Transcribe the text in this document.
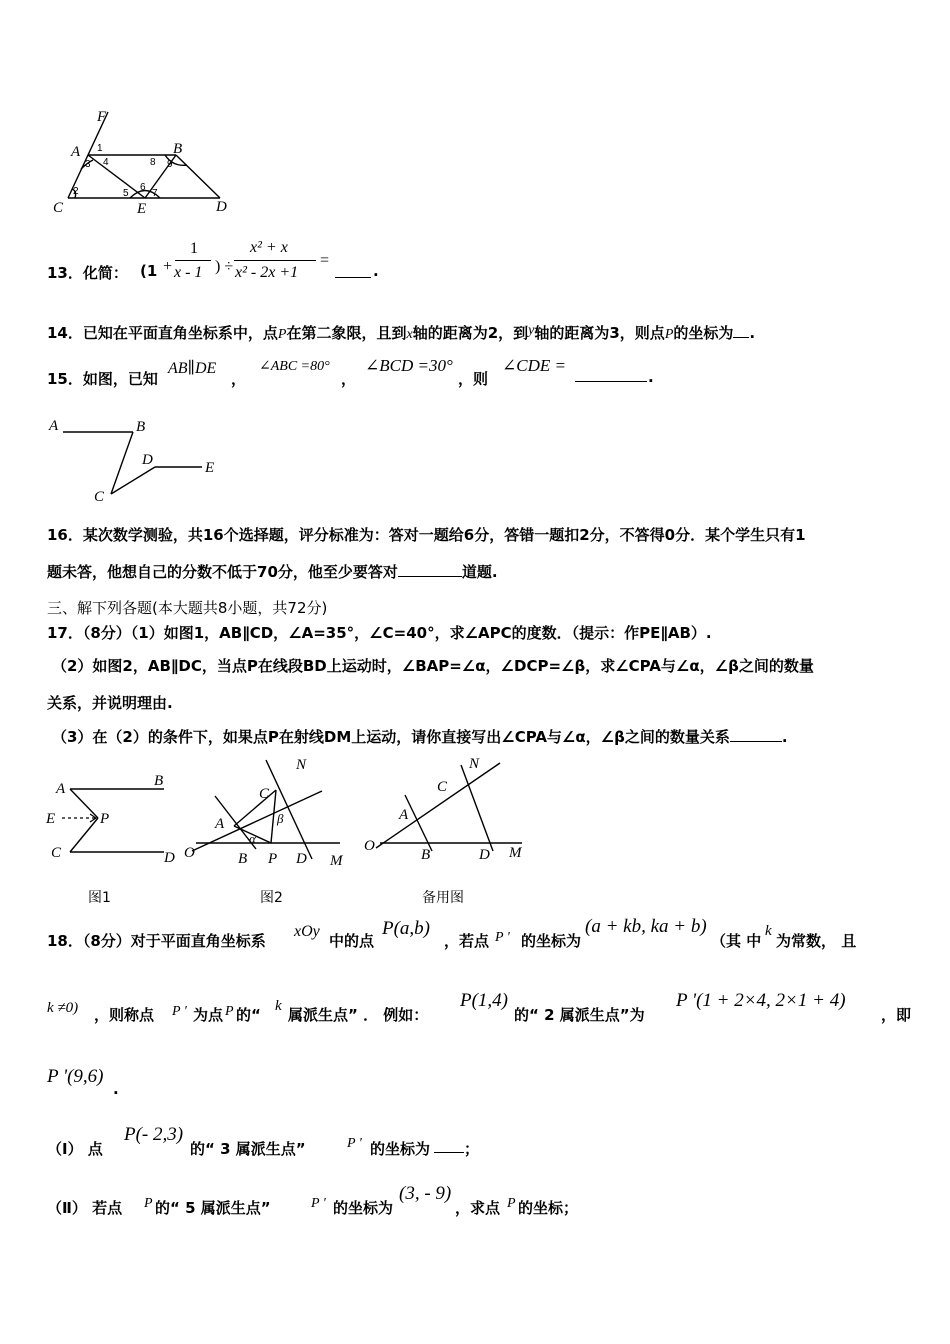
F
A	B
C	E	D
1
2
3 4
5
6
7
8 9
13．化简： (1 +
1
x - 1 ) ÷
x² + x
x² - 2x +1
=
.
14．已知在平面直角坐标系中，点P在第二象限，且到x轴的距离为2，到y轴的距离为3，则点P的坐标为 .
15．如图，已知
AB∥DE
，
∠ABC =80°
，
∠BCD =30°
，则
∠CDE =
.
A	B
D	E
C
16．某次数学测验，共16个选择题，评分标准为：答对一题给6分，答错一题扣2分，不答得0分．某个学生只有1
题未答，他想自己的分数不低于70分，他至少要答对	道题.
三、解下列各题(本大题共8小题，共72分)
17．（8分）（1）如图1，AB∥CD，∠A=35°，∠C=40°，求∠APC的度数．（提示：作PE∥AB）.
（2）如图2，AB∥DC，当点P在线段BD上运动时，∠BAP=∠α，∠DCP=∠β，求∠CPA与∠α，∠β之间的数量
关系，并说明理由.
（3）在（2）的条件下，如果点P在射线DM上运动，请你直接写出∠CPA与∠α，∠β之间的数量关系	.
A	B
E	P
C	D
图1
N
C
β
A
α
O	B P D M
图2
N
C
A
O
B	D M
备用图
18．（8分）对于平面直角坐标系
xOy
中的点
P(a,b)
，若点 P ' 的坐标为
(a + kb, ka + b)
（其 中
k
为常数， 且
k ≠0) ，则称点 P ' 为点 P 的“ k 属派生点” ． 例如：
P(1,4)
的“ 2 属派生点”为
P '(1 + 2×4, 2×1 + 4)
，即
P '(9,6)
.
（Ⅰ） 点
P(- 2,3)
的“ 3 属派生点”	P ' 的坐标为 ；
（Ⅱ） 若点 P 的“ 5 属派生点”	P ' 的坐标为
(3, - 9)
，求点 P 的坐标；
